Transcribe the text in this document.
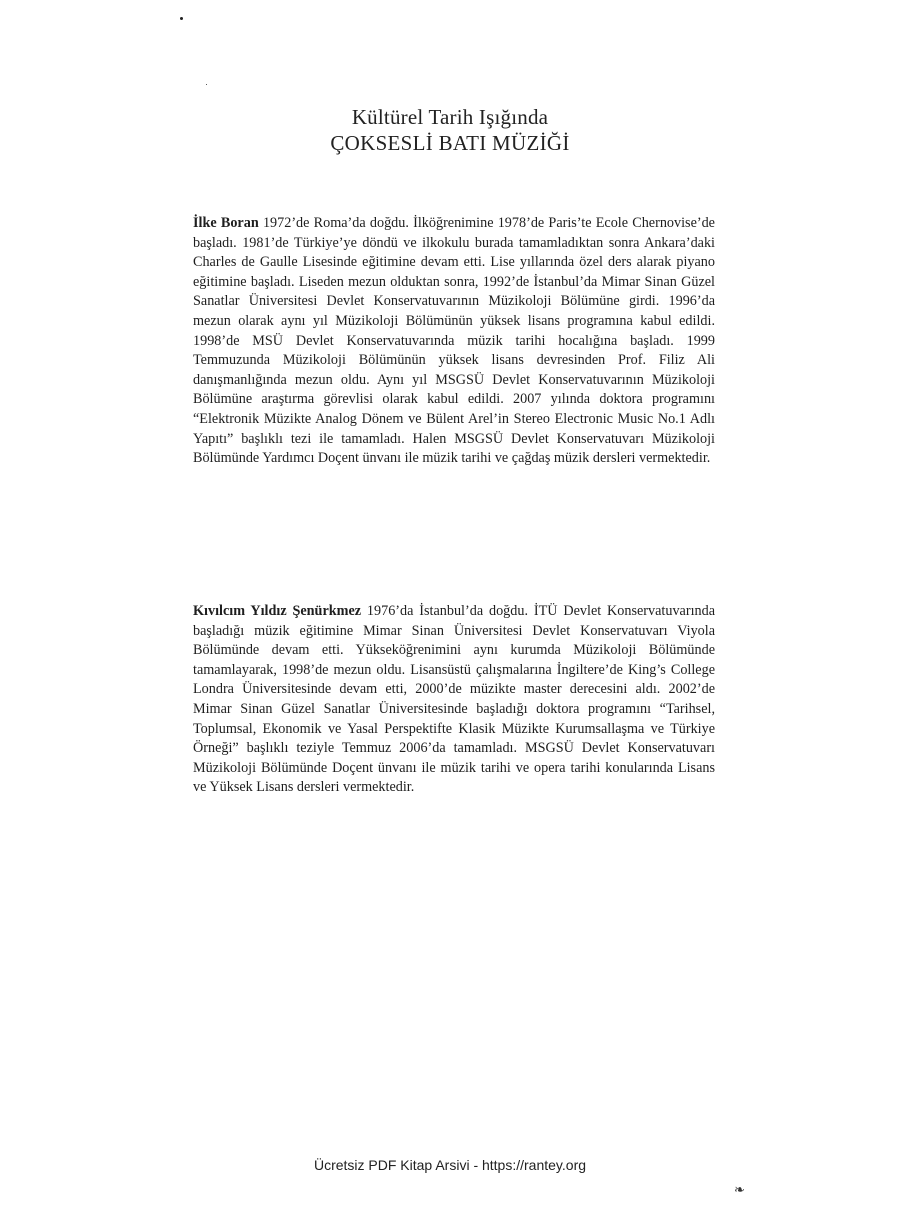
Kültürel Tarih Işığında
ÇOKSESLİ BATI MÜZİĞİ
İlke Boran 1972’de Roma’da doğdu. İlköğrenimine 1978’de Paris’te Ecole Chernovise’de başladı. 1981’de Türkiye’ye döndü ve ilkokulu burada tamamladıktan sonra Ankara’daki Charles de Gaulle Lisesinde eğitimine devam etti. Lise yıllarında özel ders alarak piyano eğitimine başladı. Liseden mezun olduktan sonra, 1992’de İstanbul’da Mimar Sinan Güzel Sanatlar Üniversitesi Devlet Konservatuvarının Müzikoloji Bölümüne girdi. 1996’da mezun olarak aynı yıl Müzikoloji Bölümünün yüksek lisans programına kabul edildi. 1998’de MSÜ Devlet Konservatuvarında müzik tarihi hocalığına başladı. 1999 Temmuzunda Müzikoloji Bölümünün yüksek lisans devresinden Prof. Filiz Ali danışmanlığında mezun oldu. Aynı yıl MSGSÜ Devlet Konservatuvarının Müzikoloji Bölümüne araştırma görevlisi olarak kabul edildi. 2007 yılında doktora programını “Elektronik Müzikte Analog Dönem ve Bülent Arel’in Stereo Electronic Music No.1 Adlı Yapıtı” başlıklı tezi ile tamamladı. Halen MSGSÜ Devlet Konservatuvarı Müzikoloji Bölümünde Yardımcı Doçent ünvanı ile müzik tarihi ve çağdaş müzik dersleri vermektedir.
Kıvılcım Yıldız Şenürkmez 1976’da İstanbul’da doğdu. İTÜ Devlet Konservatuvarında başladığı müzik eğitimine Mimar Sinan Üniversitesi Devlet Konservatuvarı Viyola Bölümünde devam etti. Yükseköğrenimini aynı kurumda Müzikoloji Bölümünde tamamlayarak, 1998’de mezun oldu. Lisansüstü çalışmalarına İngiltere’de King’s College Londra Üniversitesinde devam etti, 2000’de müzikte master derecesini aldı. 2002’de Mimar Sinan Güzel Sanatlar Üniversitesinde başladığı doktora programını “Tarihsel, Toplumsal, Ekonomik ve Yasal Perspektifte Klasik Müzikte Kurumsallaşma ve Türkiye Örneği” başlıklı teziyle Temmuz 2006’da tamamladı. MSGSÜ Devlet Konservatuvarı Müzikoloji Bölümünde Doçent ünvanı ile müzik tarihi ve opera tarihi konularında Lisans ve Yüksek Lisans dersleri vermektedir.
Ücretsiz PDF Kitap Arsivi - https://rantey.org
❧
